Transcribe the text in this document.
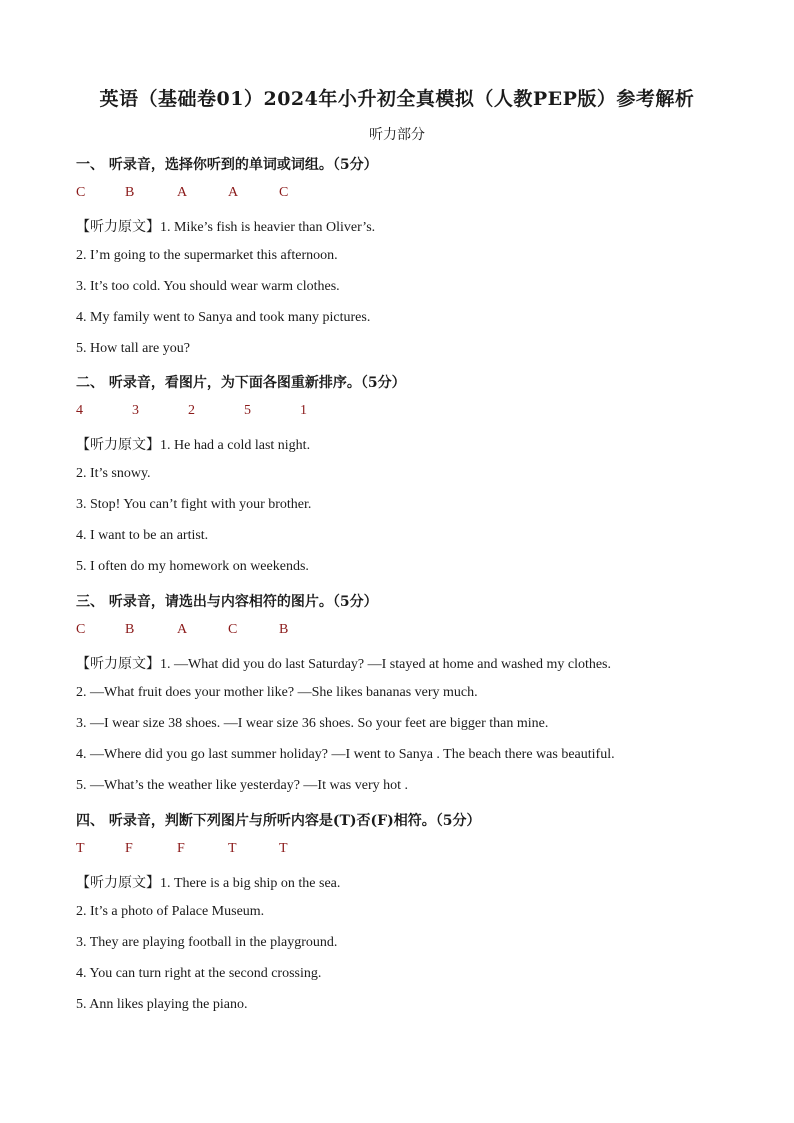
英语（基础卷01）2024年小升初全真模拟（人教PEP版）参考解析
听力部分
一、 听录音，选择你听到的单词或词组。（5分）
C	B	A	A	C
【听力原文】1. Mike’s fish is heavier than Oliver’s.
2. I’m going to the supermarket this afternoon.
3. It’s too cold. You should wear warm clothes.
4. My family went to Sanya and took many pictures.
5. How tall are you?
二、 听录音，看图片，为下面各图重新排序。（5分）
4	3	2	5	1
【听力原文】1. He had a cold last night.
2. It’s snowy.
3. Stop! You can’t fight with your brother.
4. I want to be an artist.
5. I often do my homework on weekends.
三、 听录音，请选出与内容相符的图片。（5分）
C	B	A	C	B
【听力原文】1. —What did you do last Saturday? —I stayed at home and washed my clothes.
2. —What fruit does your mother like? —She likes bananas very much.
3. —I wear size 38 shoes. —I wear size 36 shoes. So your feet are bigger than mine.
4. —Where did you go last summer holiday? —I went to Sanya . The beach there was beautiful.
5. —What’s the weather like yesterday? —It was very hot .
四、 听录音，判断下列图片与所听内容是(T)否(F)相符。（5分）
T	F	F	T	T
【听力原文】1. There is a big ship on the sea.
2. It’s a photo of Palace Museum.
3. They are playing football in the playground.
4. You can turn right at the second crossing.
5. Ann likes playing the piano.
